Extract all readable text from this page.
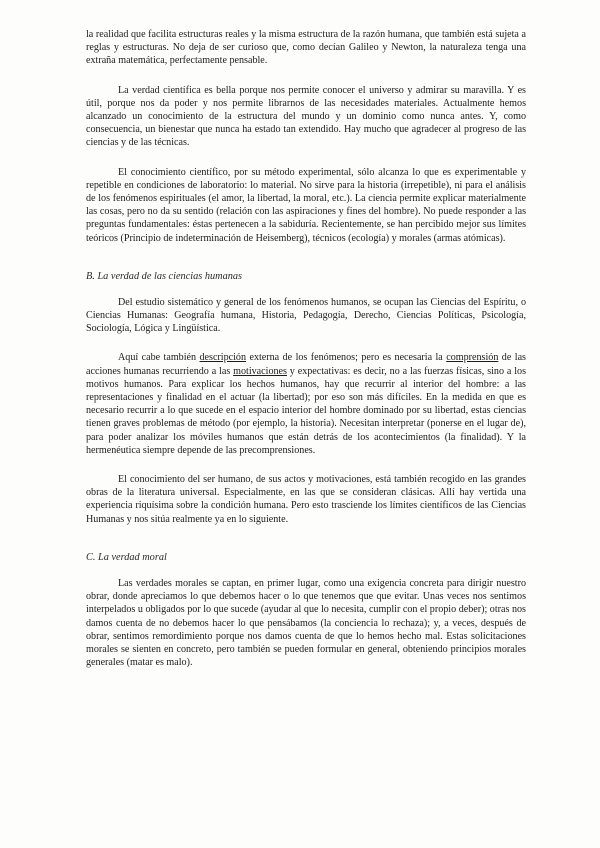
la realidad que facilita estructuras reales y la misma estructura de la razón humana, que también está sujeta a reglas y estructuras. No deja de ser curioso que, como decían Galileo y Newton, la naturaleza tenga una extraña matemática, perfectamente pensable.

La verdad científica es bella porque nos permite conocer el universo y admirar su maravilla. Y es útil, porque nos da poder y nos permite librarnos de las necesidades materiales. Actualmente hemos alcanzado un conocimiento de la estructura del mundo y un dominio como nunca antes. Y, como consecuencia, un bienestar que nunca ha estado tan extendido. Hay mucho que agradecer al progreso de las ciencias y de las técnicas.

El conocimiento científico, por su método experimental, sólo alcanza lo que es experimentable y repetible en condiciones de laboratorio: lo material. No sirve para la historia (irrepetible), ni para el análisis de los fenómenos espirituales (el amor, la libertad, la moral, etc.). La ciencia permite explicar materialmente las cosas, pero no da su sentido (relación con las aspiraciones y fines del hombre). No puede responder a las preguntas fundamentales: éstas pertenecen a la sabiduría. Recientemente, se han percibido mejor sus límites teóricos (Principio de indeterminación de Heisemberg), técnicos (ecología) y morales (armas atómicas).

B. La verdad de las ciencias humanas

Del estudio sistemático y general de los fenómenos humanos, se ocupan las Ciencias del Espíritu, o Ciencias Humanas: Geografía humana, Historia, Pedagogía, Derecho, Ciencias Políticas, Psicología, Sociología, Lógica y Lingüística.

Aquí cabe también descripción externa de los fenómenos; pero es necesaria la comprensión de las acciones humanas recurriendo a las motivaciones y expectativas: es decir, no a las fuerzas físicas, sino a los motivos humanos. Para explicar los hechos humanos, hay que recurrir al interior del hombre: a las representaciones y finalidad en el actuar (la libertad); por eso son más difíciles. En la medida en que es necesario recurrir a lo que sucede en el espacio interior del hombre dominado por su libertad, estas ciencias tienen graves problemas de método (por ejemplo, la historia). Necesitan interpretar (ponerse en el lugar de), para poder analizar los móviles humanos que están detrás de los acontecimientos (la finalidad). Y la hermenéutica siempre depende de las precomprensiones.

El conocimiento del ser humano, de sus actos y motivaciones, está también recogido en las grandes obras de la literatura universal. Especialmente, en las que se consideran clásicas. Allí hay vertida una experiencia riquísima sobre la condición humana. Pero esto trasciende los límites científicos de las Ciencias Humanas y nos sitúa realmente ya en lo siguiente.

C. La verdad moral

Las verdades morales se captan, en primer lugar, como una exigencia concreta para dirigir nuestro obrar, donde apreciamos lo que debemos hacer o lo que tenemos que que evitar. Unas veces nos sentimos interpelados u obligados por lo que sucede (ayudar al que lo necesita, cumplir con el propio deber); otras nos damos cuenta de no debemos hacer lo que pensábamos (la conciencia lo rechaza); y, a veces, después de obrar, sentimos remordimiento porque nos damos cuenta de que lo hemos hecho mal. Estas solicitaciones morales se sienten en concreto, pero también se pueden formular en general, obteniendo principios morales generales (matar es malo).
